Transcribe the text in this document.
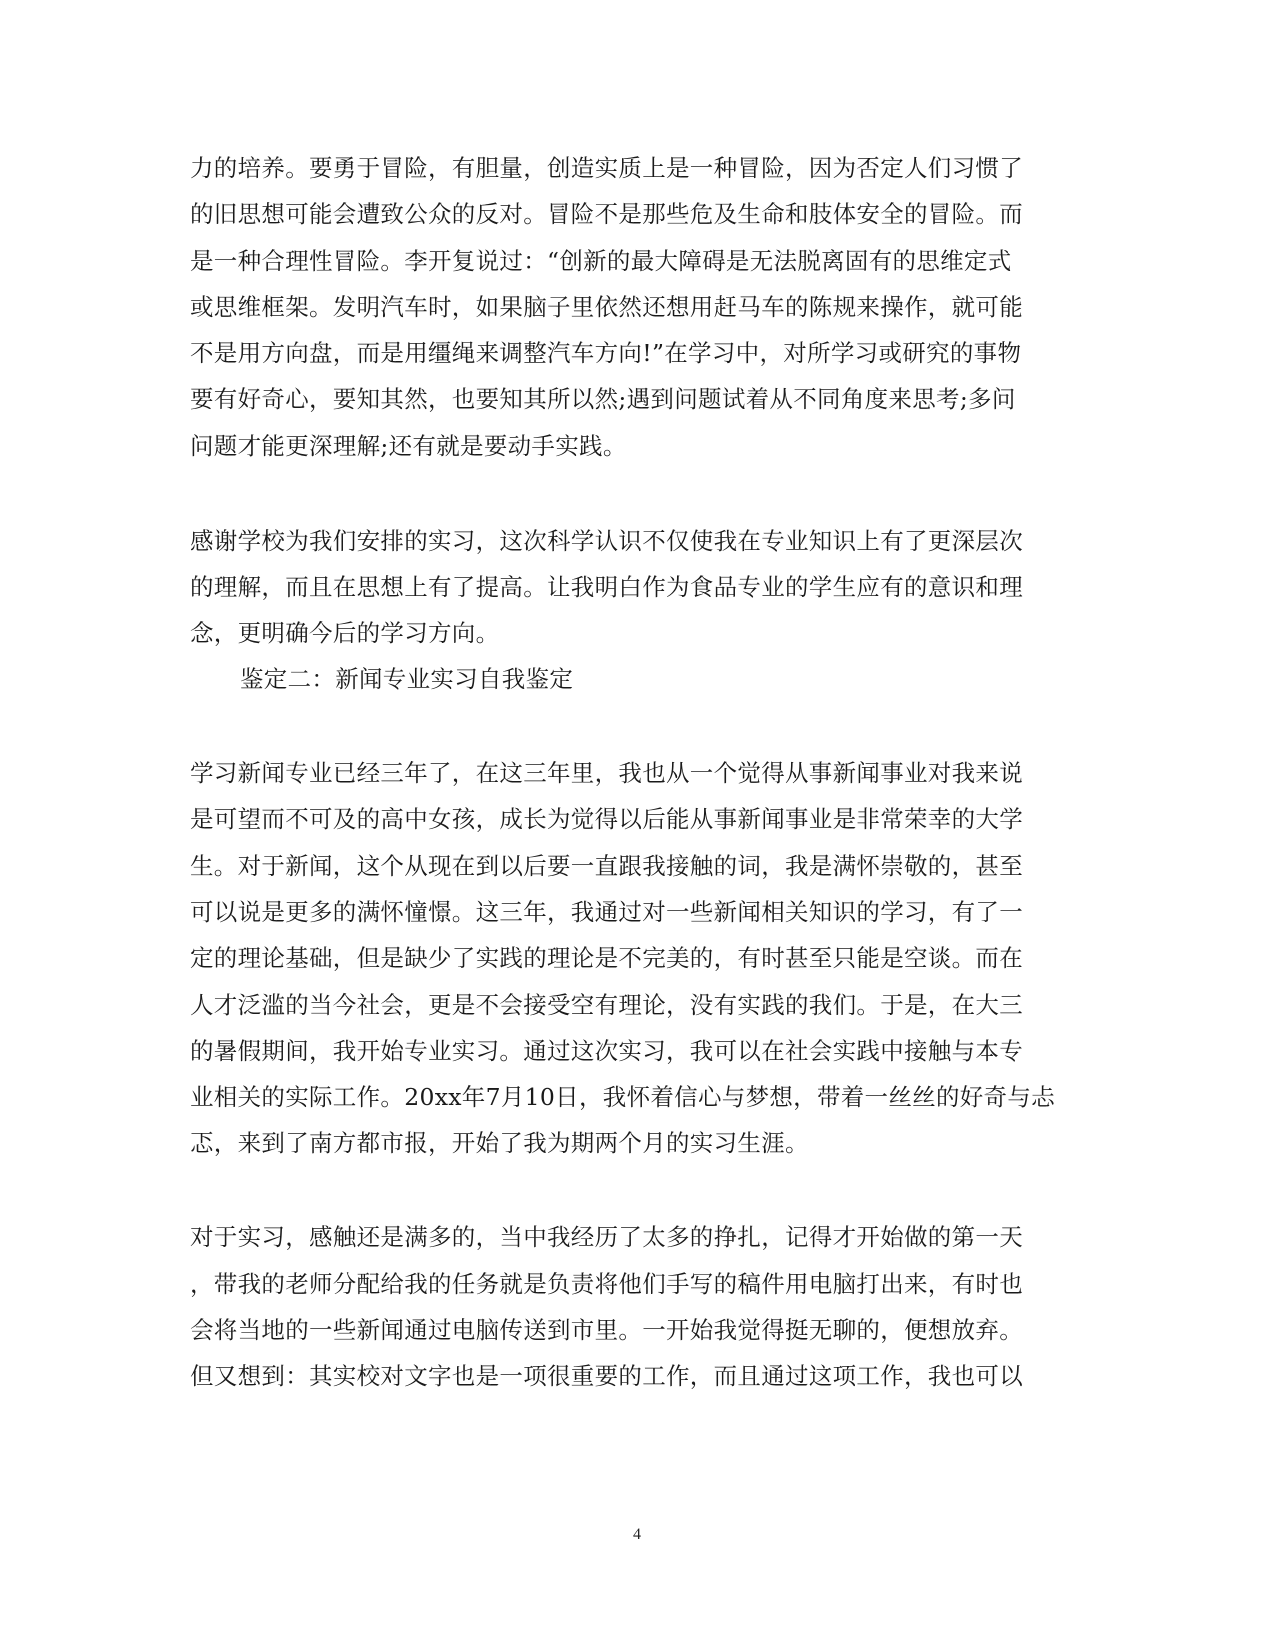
力的培养。要勇于冒险，有胆量，创造实质上是一种冒险，因为否定人们习惯了
的旧思想可能会遭致公众的反对。冒险不是那些危及生命和肢体安全的冒险。而
是一种合理性冒险。李开复说过：“创新的最大障碍是无法脱离固有的思维定式
或思维框架。发明汽车时，如果脑子里依然还想用赶马车的陈规来操作，就可能
不是用方向盘，而是用缰绳来调整汽车方向!”在学习中，对所学习或研究的事物
要有好奇心，要知其然，也要知其所以然;遇到问题试着从不同角度来思考;多问
问题才能更深理解;还有就是要动手实践。
感谢学校为我们安排的实习，这次科学认识不仅使我在专业知识上有了更深层次
的理解，而且在思想上有了提高。让我明白作为食品专业的学生应有的意识和理
念，更明确今后的学习方向。
鉴定二：新闻专业实习自我鉴定
学习新闻专业已经三年了，在这三年里，我也从一个觉得从事新闻事业对我来说
是可望而不可及的高中女孩，成长为觉得以后能从事新闻事业是非常荣幸的大学
生。对于新闻，这个从现在到以后要一直跟我接触的词，我是满怀崇敬的，甚至
可以说是更多的满怀憧憬。这三年，我通过对一些新闻相关知识的学习，有了一
定的理论基础，但是缺少了实践的理论是不完美的，有时甚至只能是空谈。而在
人才泛滥的当今社会，更是不会接受空有理论，没有实践的我们。于是，在大三
的暑假期间，我开始专业实习。通过这次实习，我可以在社会实践中接触与本专
业相关的实际工作。20xx年7月10日，我怀着信心与梦想，带着一丝丝的好奇与忐
忑，来到了南方都市报，开始了我为期两个月的实习生涯。
对于实习，感触还是满多的，当中我经历了太多的挣扎，记得才开始做的第一天
，带我的老师分配给我的任务就是负责将他们手写的稿件用电脑打出来，有时也
会将当地的一些新闻通过电脑传送到市里。一开始我觉得挺无聊的，便想放弃。
但又想到：其实校对文字也是一项很重要的工作，而且通过这项工作，我也可以
4
